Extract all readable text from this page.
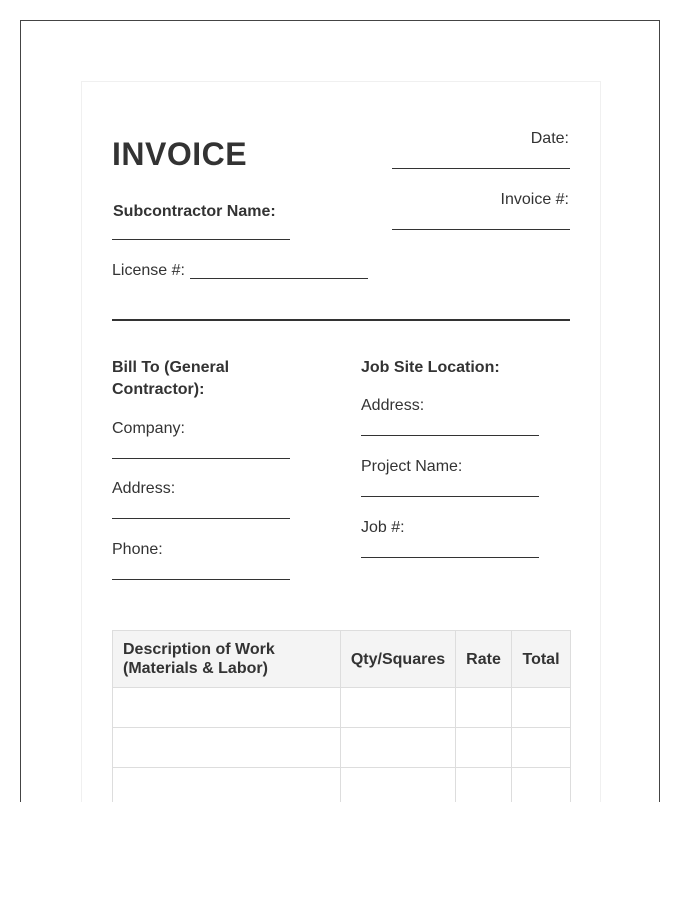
INVOICE	Date:
Invoice #:
Subcontractor Name:
License #:
Bill To (General Contractor):
Company:
Address:
Phone:
Job Site Location:
Address:
Project Name:
Job #:
Description of Work (Materials & Labor)	Qty/Squares	Rate	Total
